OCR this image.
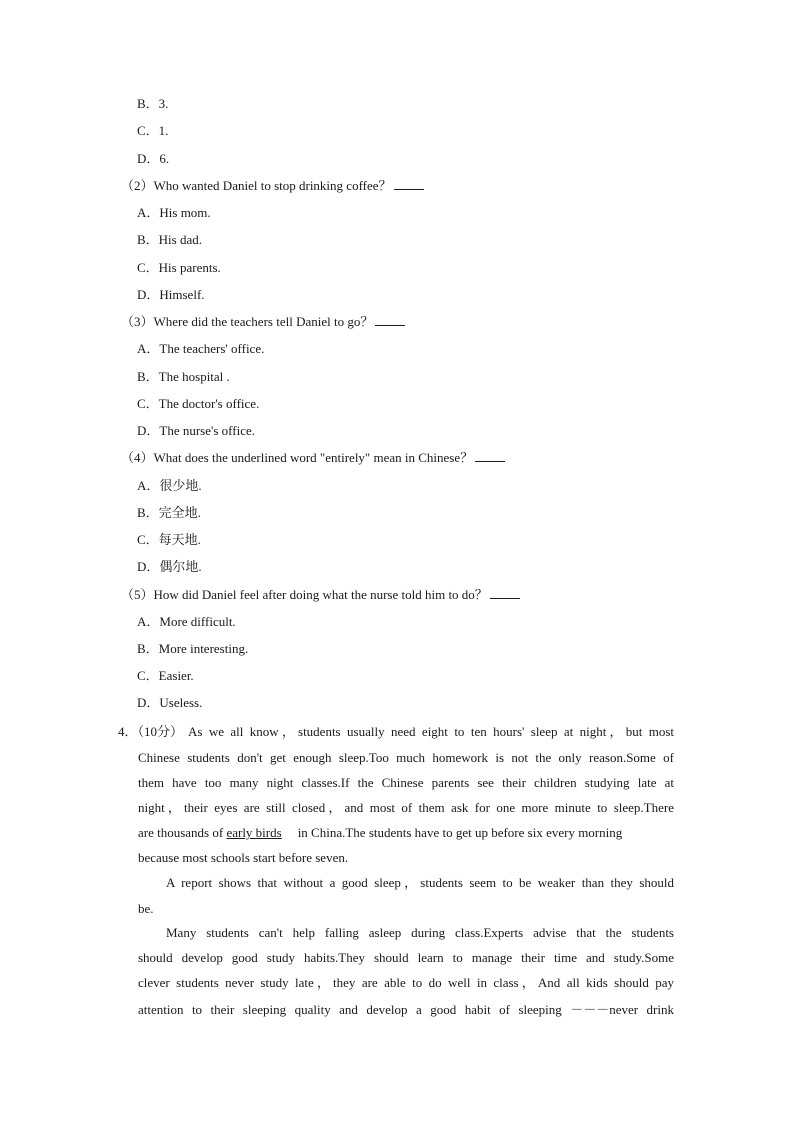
B．3.
C．1.
D．6.
（2）Who wanted Daniel to stop drinking coffee？
A．His mom.
B．His dad.
C．His parents.
D．Himself.
（3）Where did the teachers tell Daniel to go？
A．The teachers' office.
B．The hospital .
C．The doctor's office.
D．The nurse's office.
（4）What does the underlined word "entirely" mean in Chinese？
A．很少地.
B．完全地.
C．每天地.
D．偶尔地.
（5）How did Daniel feel after doing what the nurse told him to do？
A．More difficult.
B．More interesting.
C．Easier.
D．Useless.
4．（10分） As we all know，students usually need eight to ten hours' sleep at night，but most
Chinese students don't get enough sleep.Too much homework is not the only reason.Some of
them have too many night classes.If the Chinese parents see their children studying late at
night，their eyes are still closed，and most of them ask for one more minute to sleep.There
are thousands of early birds in China.The students have to get up before six every morning
because most schools start before seven.
A report shows that without a good sleep，students seem to be weaker than they should
be.
Many students can't help falling asleep during class.Experts advise that the students
should develop good study habits.They should learn to manage their time and study.Some
clever students never study late，they are able to do well in class，And all kids should pay
attention to their sleeping quality and develop a good habit of sleeping －－－never drink
